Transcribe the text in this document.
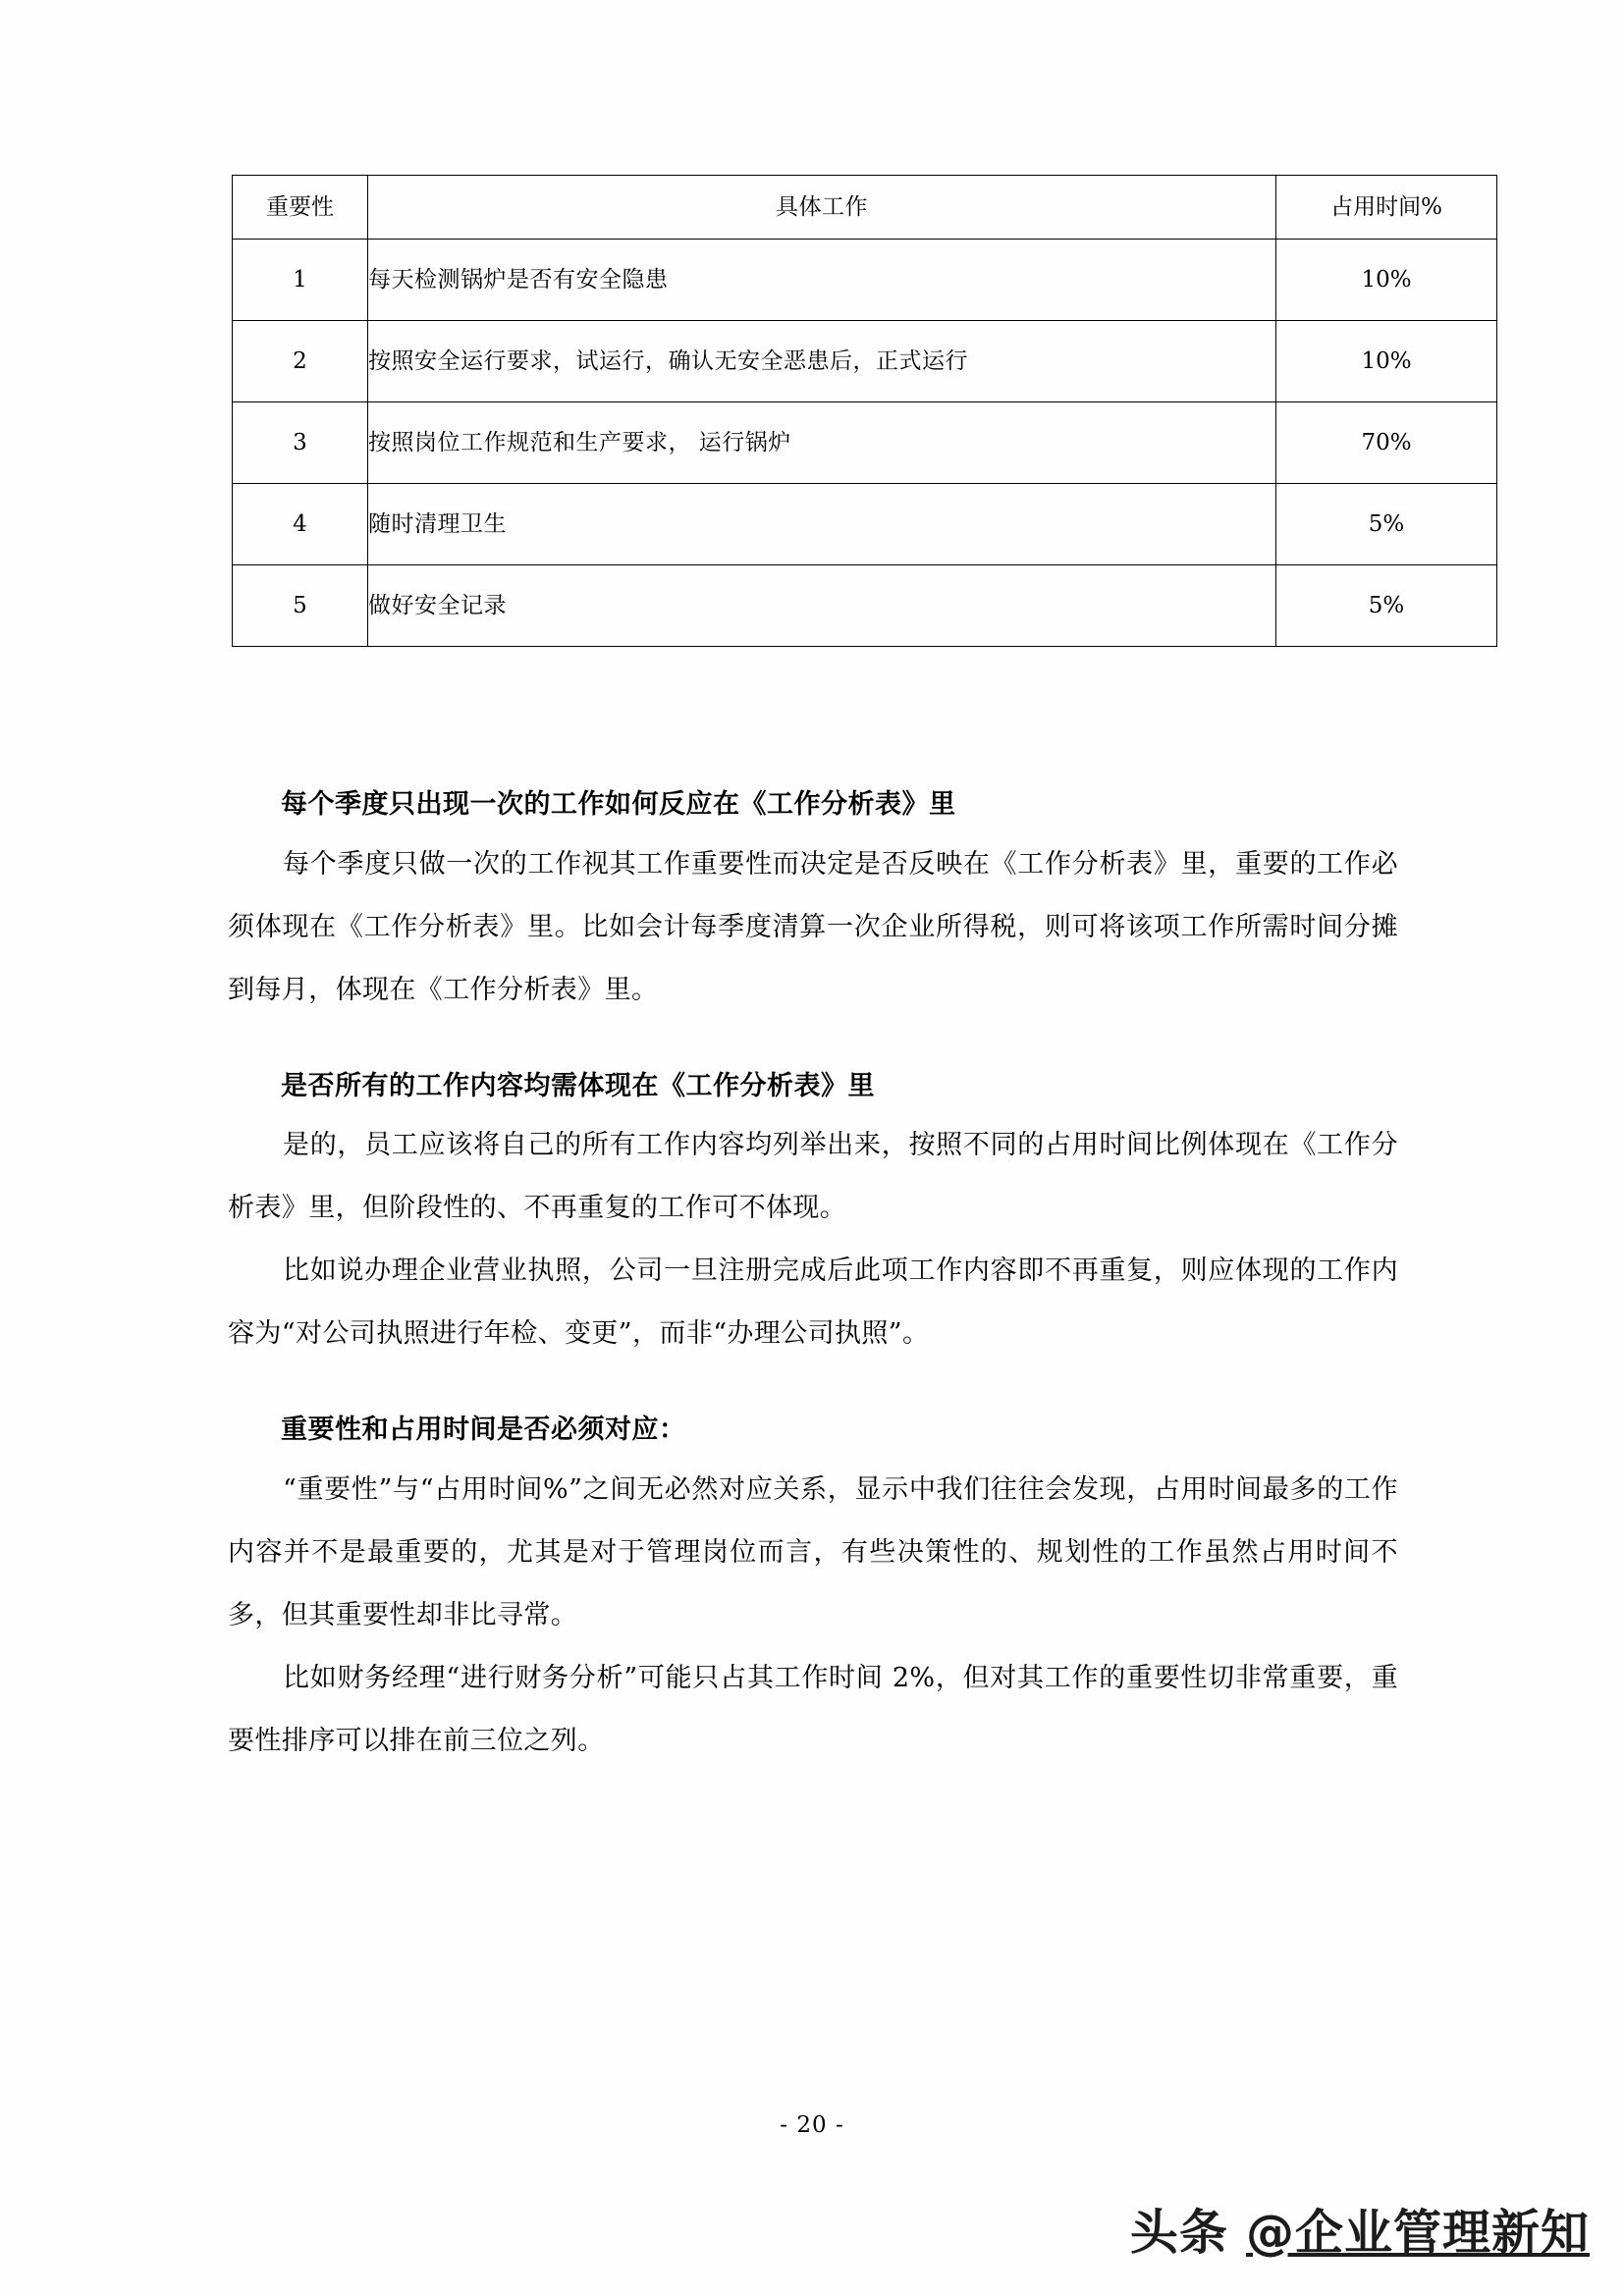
重要性	具体工作	占用时间%
1	每天检测锅炉是否有安全隐患	10%
2	按照安全运行要求，试运行，确认无安全恶患后，正式运行	10%
3	按照岗位工作规范和生产要求， 运行锅炉	70%
4	随时清理卫生	5%
5	做好安全记录	5%
每个季度只出现一次的工作如何反应在《工作分析表》里

每个季度只做一次的工作视其工作重要性而决定是否反映在《工作分析表》里，重要的工作必须体现在《工作分析表》里。比如会计每季度清算一次企业所得税，则可将该项工作所需时间分摊到每月，体现在《工作分析表》里。

是否所有的工作内容均需体现在《工作分析表》里

是的，员工应该将自己的所有工作内容均列举出来，按照不同的占用时间比例体现在《工作分析表》里，但阶段性的、不再重复的工作可不体现。

比如说办理企业营业执照，公司一旦注册完成后此项工作内容即不再重复，则应体现的工作内容为“对公司执照进行年检、变更”，而非“办理公司执照”。

重要性和占用时间是否必须对应：

“重要性”与“占用时间%”之间无必然对应关系，显示中我们往往会发现，占用时间最多的工作内容并不是最重要的，尤其是对于管理岗位而言，有些决策性的、规划性的工作虽然占用时间不多，但其重要性却非比寻常。

比如财务经理“进行财务分析”可能只占其工作时间 2%，但对其工作的重要性切非常重要，重要性排序可以排在前三位之列。

- 20 -
头条 @企业管理新知
